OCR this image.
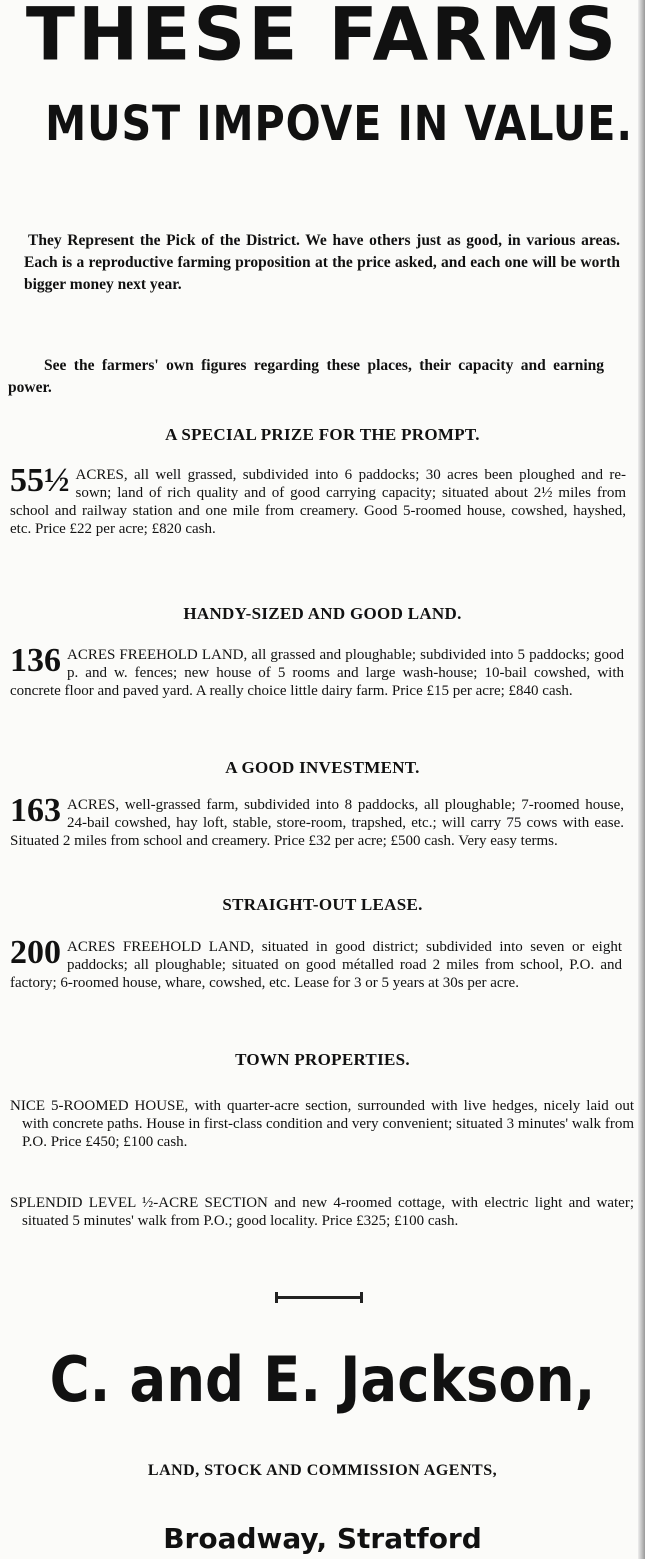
THESE FARMS
MUST IMPOVE IN VALUE.

They Represent the Pick of the District. We have others just as good, in various areas. Each is a reproductive farming proposition at the price asked, and each one will be worth bigger money next year.

See the farmers' own figures regarding these places, their capacity and earning power.

A SPECIAL PRIZE FOR THE PROMPT.
55½ ACRES, all well grassed, subdivided into 6 paddocks; 30 acres been ploughed and re-sown; land of rich quality and of good carrying capacity; situated about 2½ miles from school and railway station and one mile from creamery. Good 5-roomed house, cowshed, hayshed, etc. Price £22 per acre; £820 cash.
HANDY-SIZED AND GOOD LAND.
136 ACRES FREEHOLD LAND, all grassed and ploughable; subdivided into 5 paddocks; good p. and w. fences; new house of 5 rooms and large wash-house; 10-bail cowshed, with concrete floor and paved yard. A really choice little dairy farm. Price £15 per acre; £840 cash.
A GOOD INVESTMENT.
163 ACRES, well-grassed farm, subdivided into 8 paddocks, all ploughable; 7-roomed house, 24-bail cowshed, hay loft, stable, store-room, trapshed, etc.; will carry 75 cows with ease. Situated 2 miles from school and creamery. Price £32 per acre; £500 cash. Very easy terms.
STRAIGHT-OUT LEASE.
200 ACRES FREEHOLD LAND, situated in good district; subdivided into seven or eight paddocks; all ploughable; situated on good métalled road 2 miles from school, P.O. and factory; 6-roomed house, whare, cowshed, etc. Lease for 3 or 5 years at 30s per acre.
TOWN PROPERTIES.
NICE 5-ROOMED HOUSE, with quarter-acre section, surrounded with live hedges, nicely laid out with concrete paths. House in first-class condition and very convenient; situated 3 minutes' walk from P.O. Price £450; £100 cash.
SPLENDID LEVEL ½-ACRE SECTION and new 4-roomed cottage, with electric light and water; situated 5 minutes' walk from P.O.; good locality. Price £325; £100 cash.
C. and E. Jackson,
LAND, STOCK AND COMMISSION AGENTS,
Broadway, Stratford
